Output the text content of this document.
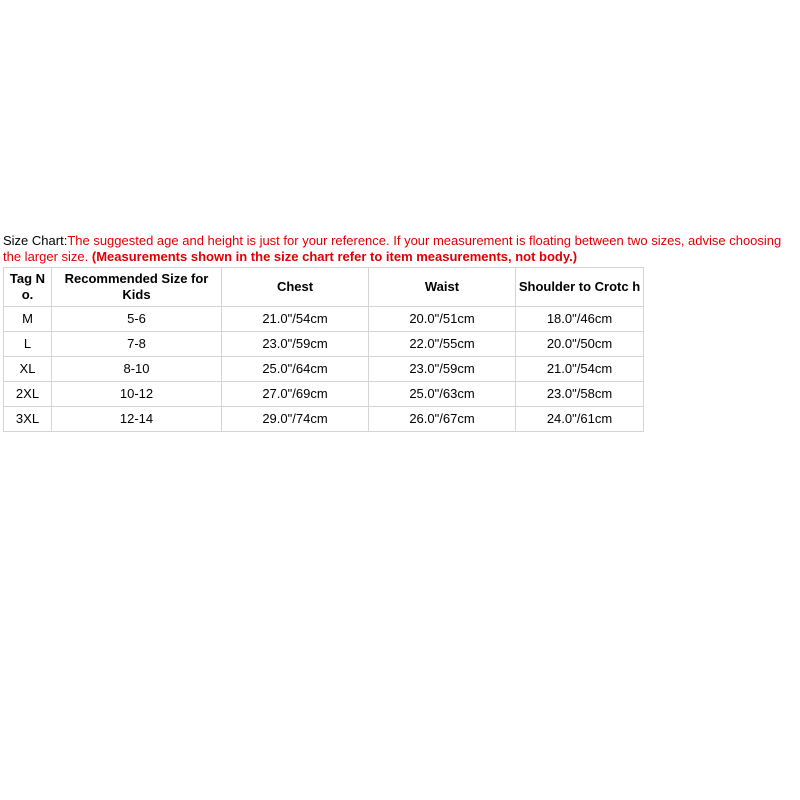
Size Chart:The suggested age and height is just for your reference. If your measurement is floating between two sizes, advise choosing the larger size. (Measurements shown in the size chart refer to item measurements, not body.)
Tag N o.	Recommended Size for Kids	Chest	Waist	Shoulder to Crotc h
M	5-6	21.0"/54cm	20.0"/51cm	18.0"/46cm
L	7-8	23.0"/59cm	22.0"/55cm	20.0"/50cm
XL	8-10	25.0"/64cm	23.0"/59cm	21.0"/54cm
2XL	10-12	27.0"/69cm	25.0"/63cm	23.0"/58cm
3XL	12-14	29.0"/74cm	26.0"/67cm	24.0"/61cm
